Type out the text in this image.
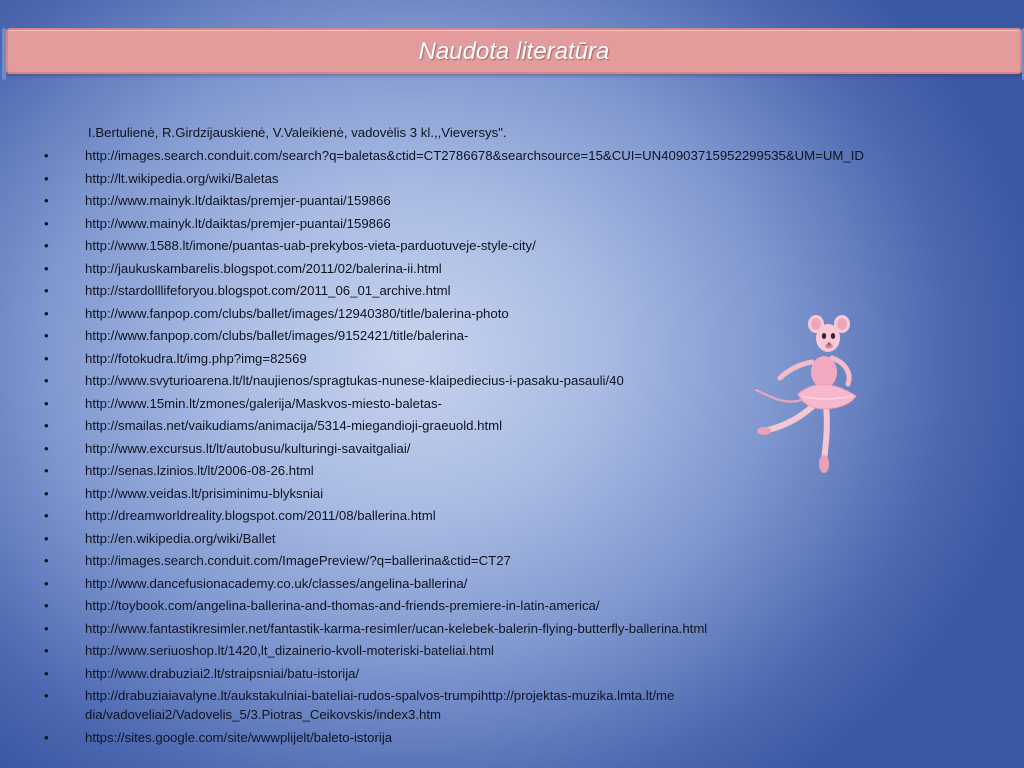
Naudota literatūra
I.Bertulienė, R.Girdzijauskienė, V.Valeikienė, vadovėlis 3 kl.,,Vieversys".
•	http://images.search.conduit.com/search?q=baletas&ctid=CT2786678&searchsource=15&CUI=UN40903715952299535&UM=UM_ID
•	http://lt.wikipedia.org/wiki/Baletas
•	http://www.mainyk.lt/daiktas/premjer-puantai/159866
•	http://www.mainyk.lt/daiktas/premjer-puantai/159866
•	http://www.1588.lt/imone/puantas-uab-prekybos-vieta-parduotuveje-style-city/
•	http://jaukuskambarelis.blogspot.com/2011/02/balerina-ii.html
•	http://stardolllifeforyou.blogspot.com/2011_06_01_archive.html
•	http://www.fanpop.com/clubs/ballet/images/12940380/title/balerina-photo
•	http://www.fanpop.com/clubs/ballet/images/9152421/title/balerina-
•	http://fotokudra.lt/img.php?img=82569
•	http://www.svyturioarena.lt/lt/naujienos/spragtukas-nunese-klaipediecius-i-pasaku-pasauli/40
•	http://www.15min.lt/zmones/galerija/Maskvos-miesto-baletas-
•	http://smailas.net/vaikudiams/animacija/5314-miegandioji-graeuold.html
•	http://www.excursus.lt/lt/autobusu/kulturingi-savaitgaliai/
•	http://senas.lzinios.lt/lt/2006-08-26.html
•	http://www.veidas.lt/prisiminimu-blyksniai
•	http://dreamworldreality.blogspot.com/2011/08/ballerina.html
•	http://en.wikipedia.org/wiki/Ballet
•	http://images.search.conduit.com/ImagePreview/?q=ballerina&ctid=CT27
•	http://www.dancefusionacademy.co.uk/classes/angelina-ballerina/
•	http://toybook.com/angelina-ballerina-and-thomas-and-friends-premiere-in-latin-america/
•	http://www.fantastikresimler.net/fantastik-karma-resimler/ucan-kelebek-balerin-flying-butterfly-ballerina.html
•	http://www.seriuoshop.lt/1420,lt_dizainerio-kvoll-moteriski-bateliai.html
•	http://www.drabuziai2.lt/straipsniai/batu-istorija/
•	http://drabuziaiavalyne.lt/aukstakulniai-bateliai-rudos-spalvos-trumpihttp://projektas-muzika.lmta.lt/media/vadoveliai2/Vadovelis_5/3.Piotras_Ceikovskis/index3.htm
•	https://sites.google.com/site/wwwplijelt/baleto-istorija
